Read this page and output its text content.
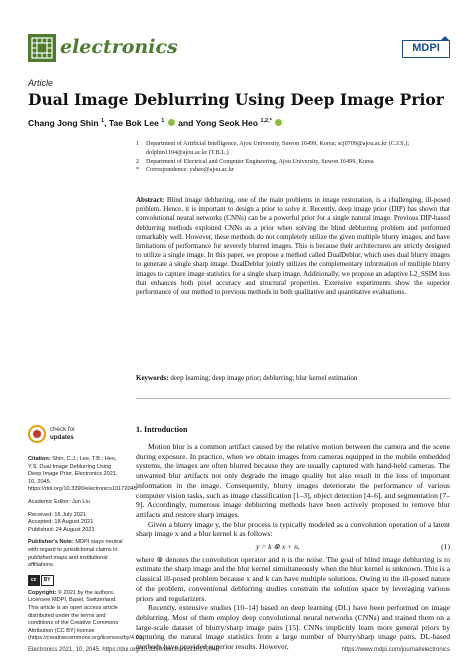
electronics	MDPI
Article
Dual Image Deblurring Using Deep Image Prior
Chang Jong Shin $^1$, Tae Bok Lee $^1$ and Yong Seok Heo $^{1,2,*}$
1 Department of Artificial Intelligence, Ajou University, Suwon 16499, Korea; scj0709@ajou.ac.kr (C.J.S.); dolphin1104@ajou.ac.kr (T.B.L.)
2 Department of Electrical and Computer Engineering, Ajou University, Suwon 16499, Korea
* Correspondence: ysheo@ajou.ac.kr

Abstract: Blind image deblurring, one of the main problems in image restoration, is a challenging, ill-posed problem. Hence, it is important to design a prior to solve it. Recently, deep image prior (DIP) has shown that convolutional neural networks (CNNs) can be a powerful prior for a single natural image. Previous DIP-based deblurring methods exploited CNNs as a prior when solving the blind deblurring problem and performed remarkably well. However, these methods do not completely utilize the given multiple blurry images, and have limitations of performance for severely blurred images. This is because their architectures are strictly designed to utilize a single image. In this paper, we propose a method called DualDeblur, which uses dual blurry images to generate a single sharp image. DualDeblur jointly utilizes the complementary information of multiple blurry images to capture image statistics for a single sharp image. Additionally, we propose an adaptive L2_SSIM loss that enhances both pixel accuracy and structural properties. Extensive experiments show the superior performance of our method to previous methods in both qualitative and quantitative evaluations.

Keywords: deep learning; deep image prior; deblurring; blur kernel estimation
check for
updates
Citation: Shin, C.J.; Lee, T.B.; Heo, Y.S. Dual Image Deblurring Using Deep Image Prior. Electronics 2021, 10, 2045. https://doi.org/10.3390/electronics10172045
Academic Editor: Jun Liu
Received: 16 July 2021
Accepted: 18 August 2021
Published: 24 August 2021
Publisher's Note: MDPI stays neutral with regard to jurisdictional claims in published maps and institutional affiliations.
cc	BY
Copyright: © 2021 by the authors. Licensee MDPI, Basel, Switzerland. This article is an open access article distributed under the terms and conditions of the Creative Commons Attribution (CC BY) license (https://creativecommons.org/licenses/by/4.0/).
1. Introduction

Motion blur is a common artifact caused by the relative motion between the camera and the scene during exposure. In practice, when we obtain images from cameras equipped in the mobile embedded systems, the images are often blurred because they are usually captured with hand-held cameras. The unwanted blur artifacts not only degrade the image quality but also result in the loss of important information in the image. Consequently, blurry images deteriorate the performance of various computer vision tasks, such as image classification [1–3], object detection [4–6], and segmentation [7–9]. Accordingly, numerous image deblurring methods have been actively proposed to remove blur artifacts and restore sharp images.

Given a blurry image y, the blur process is typically modeled as a convolution operation of a latent sharp image x and a blur kernel k as follows:

y = k ⊗ x + n,	(1)

where ⊗ denotes the convolution operator and n is the noise. The goal of blind image deblurring is to estimate the sharp image and the blur kernel simultaneously when the blur kernel is unknown. This is a classical ill-posed problem because x and k can have multiple solutions. Owing to the ill-posed nature of the problem, conventional deblurring studies constrain the solution space by leveraging various priors and regularizers.

Recently, extensive studies [10–14] based on deep learning (DL) have been performed on image deblurring. Most of them employ deep convolutional neural networks (CNNs) and trained them on a large-scale dataset of blurry/sharp image pairs [15]. CNNs implicitly learn more general priors by capturing the natural image statistics from a large number of blurry/sharp image pairs. DL-based methods have provided superior results. However,

Electronics 2021, 10, 2045. https://doi.org/10.3390/electronics10172045	https://www.mdpi.com/journal/electronics
